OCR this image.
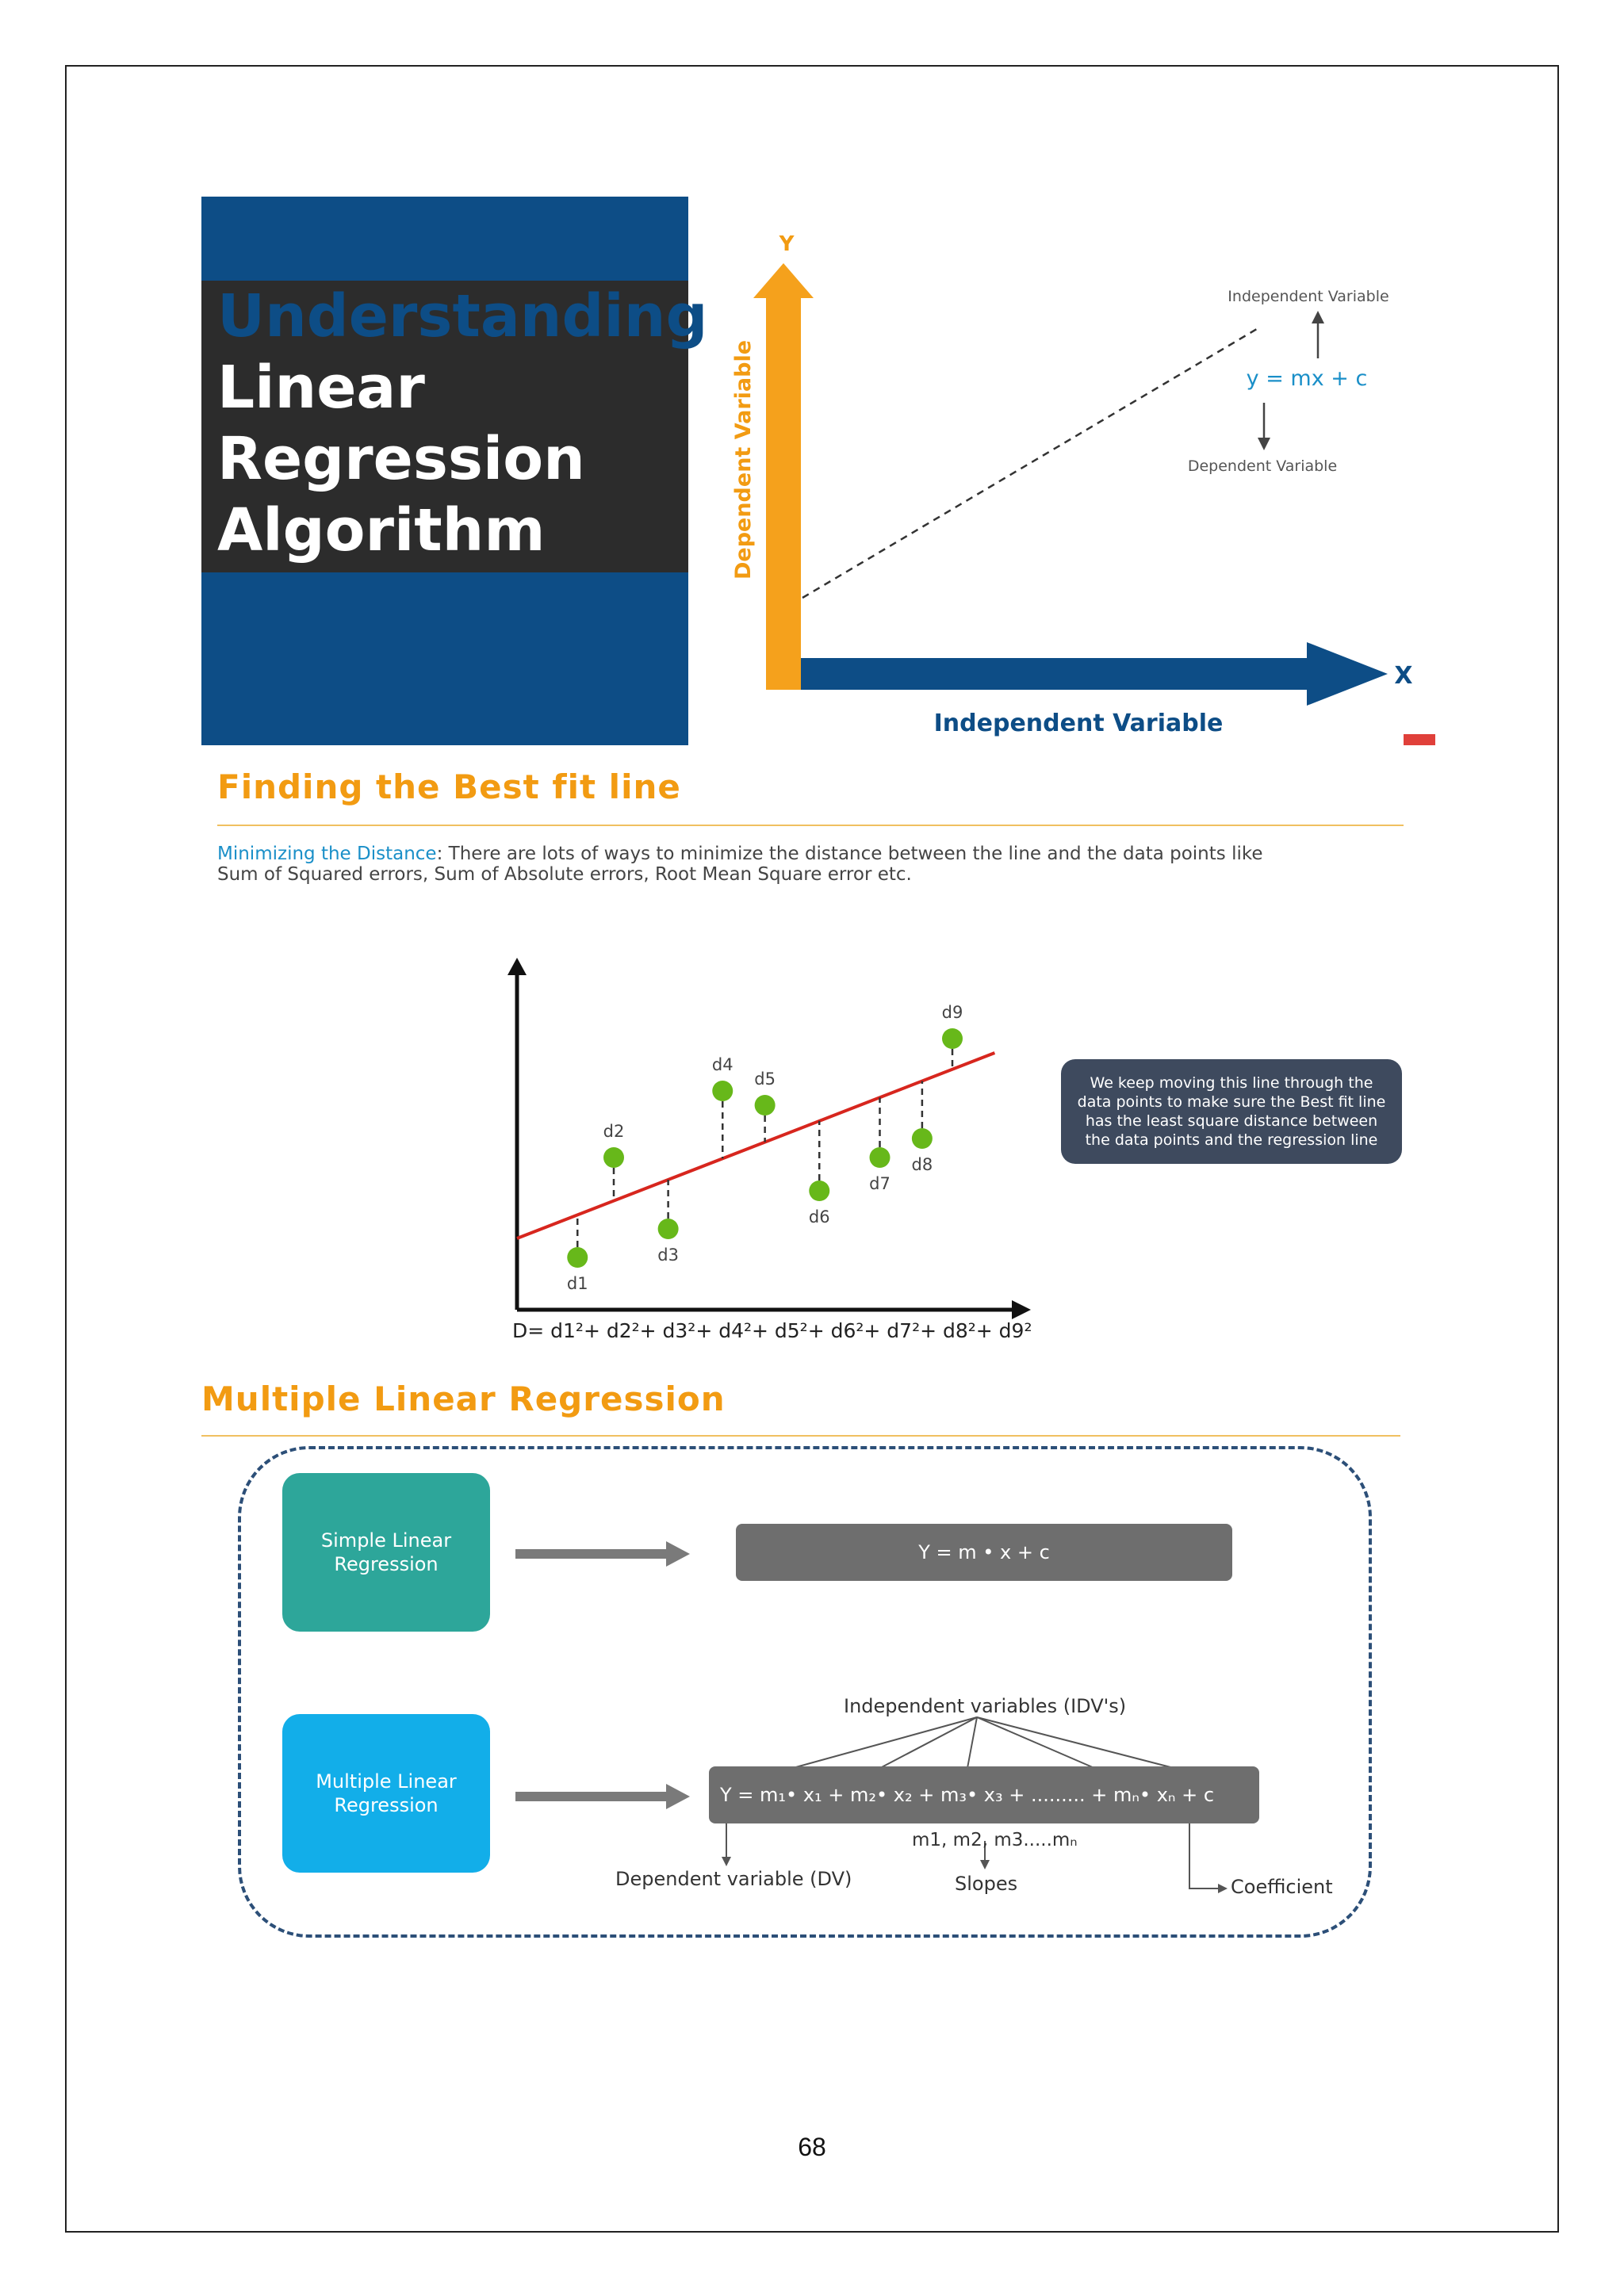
Understanding
Linear
Regression
Algorithm
Y
X
Dependent Variable
Independent Variable
Independent Variable
y = mx + c
Dependent Variable
Finding the Best fit line
Minimizing the Distance: There are lots of ways to minimize the distance between the line and the data points like
Sum of Squared errors, Sum of Absolute errors, Root Mean Square error etc.
d1
d2
d3
d4
d5
d6
d7
d8
d9
D= d1²+ d2²+ d3²+ d4²+ d5²+ d6²+ d7²+ d8²+ d9²
We keep moving this line through the data points to make sure the Best fit line has the least square distance between the data points and the regression line
Multiple Linear Regression
Simple Linear Regression
Multiple Linear Regression
Y = m • x + c
Independent variables (IDV's)
Y = m₁• x₁ + m₂• x₂ + m₃• x₃ + ......... + mₙ• xₙ + c
m1, m2, m3.....mₙ
Dependent variable (DV)	Slopes	Coefficient
68
